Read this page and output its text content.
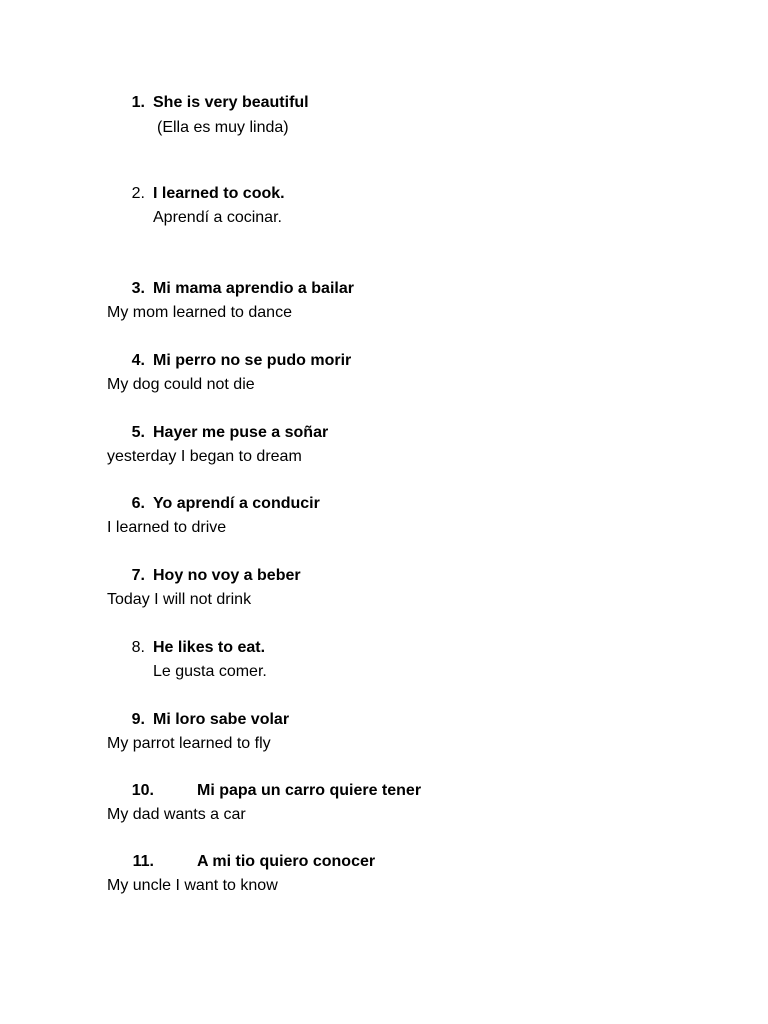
1. She is very beautiful
(Ella es muy linda)
2. I learned to cook.
Aprendí a cocinar.
3. Mi mama aprendio a bailar
My mom learned to dance
4. Mi perro no se pudo morir
My dog could not die
5. Hayer me puse a soñar
yesterday I began to dream
6. Yo aprendí a conducir
I learned to drive
7. Hoy no voy a beber
Today I will not drink
8. He likes to eat.
Le gusta comer.
9. Mi loro sabe volar
My parrot learned to fly
10.	Mi papa un carro quiere tener
My dad wants a car
11.	A mi tio quiero conocer
My uncle I want to know
